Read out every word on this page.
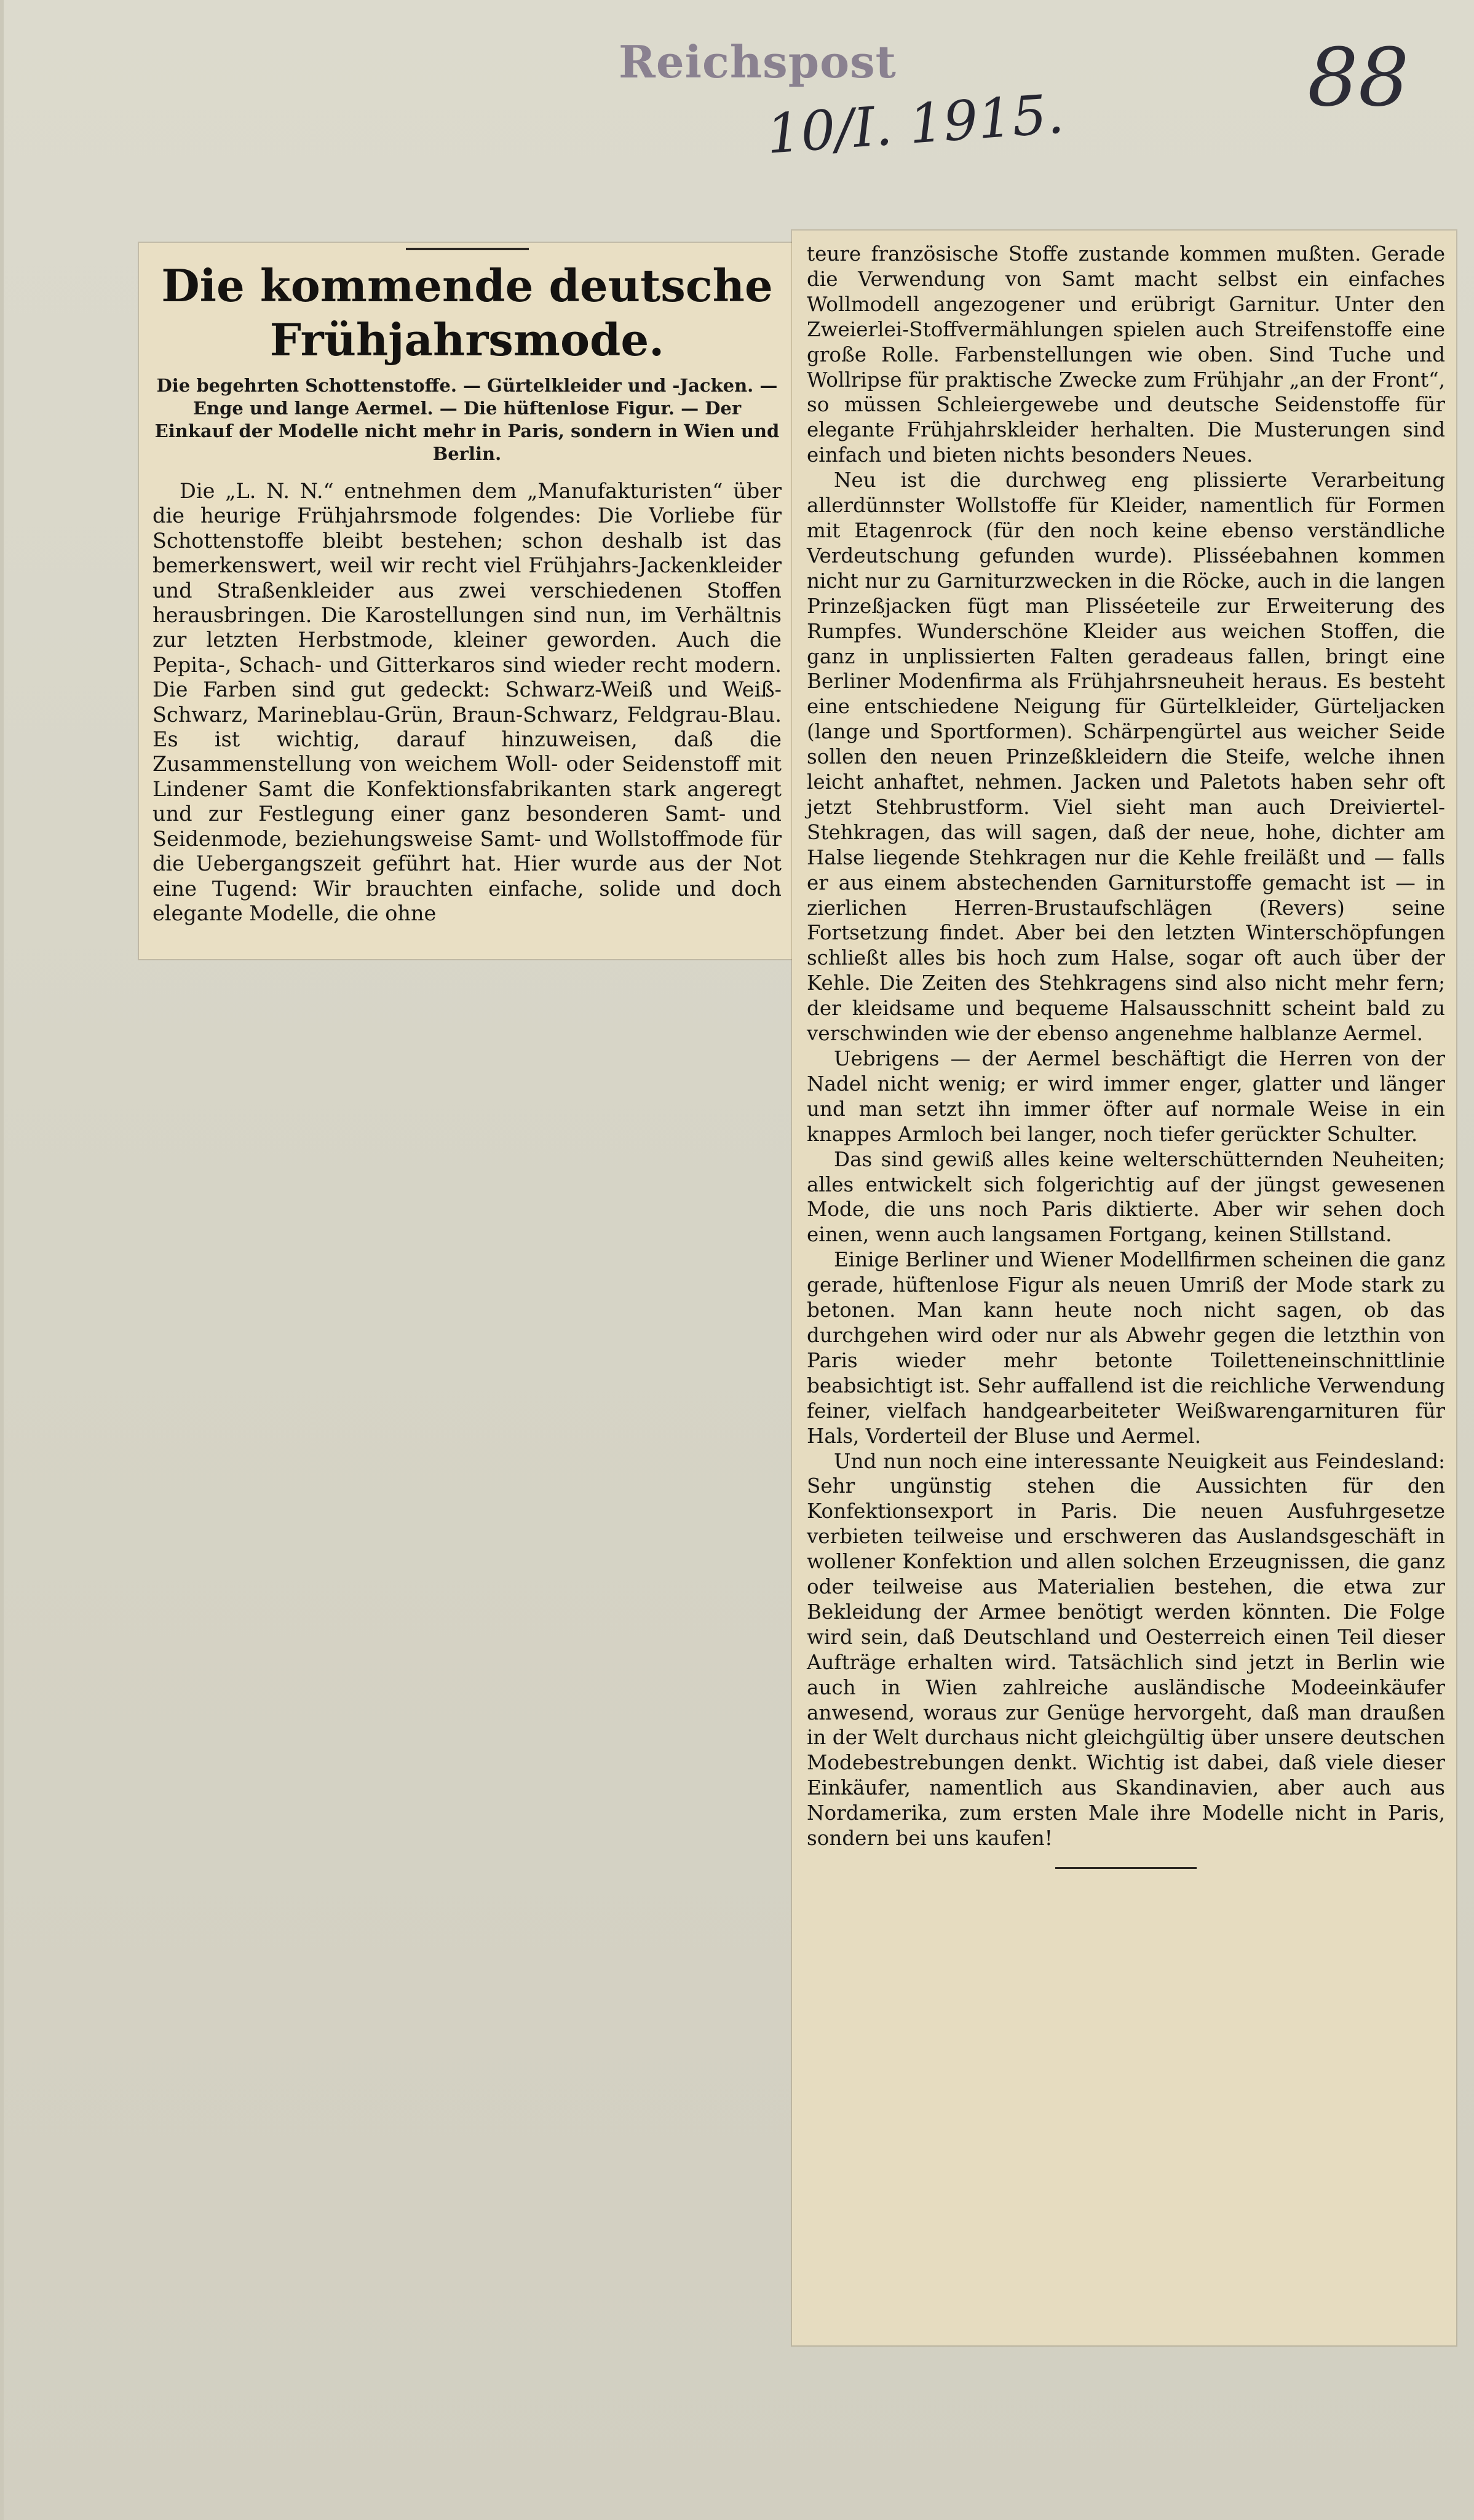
Reichspost
10/I. 1915.	88
Die kommende deutsche Frühjahrsmode.
Die begehrten Schottenstoffe. — Gürtelkleider und -Jacken. — Enge und lange Aermel. — Die hüftenlose Figur. — Der Einkauf der Modelle nicht mehr in Paris, sondern in Wien und Berlin.

Die „L. N. N.“ entnehmen dem „Manufakturisten“ über die heurige Frühjahrsmode folgendes: Die Vorliebe für Schottenstoffe bleibt bestehen; schon deshalb ist das bemerkenswert, weil wir recht viel Frühjahrs-Jackenkleider und Straßenkleider aus zwei verschiedenen Stoffen herausbringen. Die Karostellungen sind nun, im Verhältnis zur letzten Herbstmode, kleiner geworden. Auch die Pepita-, Schach- und Gitterkaros sind wieder recht modern. Die Farben sind gut gedeckt: Schwarz-Weiß und Weiß-Schwarz, Marineblau-Grün, Braun-Schwarz, Feldgrau-Blau. Es ist wichtig, darauf hinzuweisen, daß die Zusammenstellung von weichem Woll- oder Seidenstoff mit Lindener Samt die Konfektionsfabrikanten stark angeregt und zur Festlegung einer ganz besonderen Samt- und Seidenmode, beziehungsweise Samt- und Wollstoffmode für die Uebergangszeit geführt hat. Hier wurde aus der Not eine Tugend: Wir brauchten einfache, solide und doch elegante Modelle, die ohne

teure französische Stoffe zustande kommen mußten. Gerade die Verwendung von Samt macht selbst ein einfaches Wollmodell angezogener und erübrigt Garnitur. Unter den Zweierlei-Stoffvermählungen spielen auch Streifenstoffe eine große Rolle. Farbenstellungen wie oben. Sind Tuche und Wollripse für praktische Zwecke zum Frühjahr „an der Front“, so müssen Schleiergewebe und deutsche Seidenstoffe für elegante Frühjahrskleider herhalten. Die Musterungen sind einfach und bieten nichts besonders Neues.

Neu ist die durchweg eng plissierte Verarbeitung allerdünnster Wollstoffe für Kleider, namentlich für Formen mit Etagenrock (für den noch keine ebenso verständliche Verdeutschung gefunden wurde). Plisséebahnen kommen nicht nur zu Garniturzwecken in die Röcke, auch in die langen Prinzeßjacken fügt man Plisséeteile zur Erweiterung des Rumpfes. Wunderschöne Kleider aus weichen Stoffen, die ganz in unplissierten Falten geradeaus fallen, bringt eine Berliner Modenfirma als Frühjahrsneuheit heraus. Es besteht eine entschiedene Neigung für Gürtelkleider, Gürteljacken (lange und Sportformen). Schärpengürtel aus weicher Seide sollen den neuen Prinzeßkleidern die Steife, welche ihnen leicht anhaftet, nehmen. Jacken und Paletots haben sehr oft jetzt Stehbrustform. Viel sieht man auch Dreiviertel-Stehkragen, das will sagen, daß der neue, hohe, dichter am Halse liegende Stehkragen nur die Kehle freiläßt und — falls er aus einem abstechenden Garniturstoffe gemacht ist — in zierlichen Herren-Brustaufschlägen (Revers) seine Fortsetzung findet. Aber bei den letzten Winterschöpfungen schließt alles bis hoch zum Halse, sogar oft auch über der Kehle. Die Zeiten des Stehkragens sind also nicht mehr fern; der kleidsame und bequeme Halsausschnitt scheint bald zu verschwinden wie der ebenso angenehme halblanze Aermel.

Uebrigens — der Aermel beschäftigt die Herren von der Nadel nicht wenig; er wird immer enger, glatter und länger und man setzt ihn immer öfter auf normale Weise in ein knappes Armloch bei langer, noch tiefer gerückter Schulter.

Das sind gewiß alles keine welterschütternden Neuheiten; alles entwickelt sich folgerichtig auf der jüngst gewesenen Mode, die uns noch Paris diktierte. Aber wir sehen doch einen, wenn auch langsamen Fortgang, keinen Stillstand.

Einige Berliner und Wiener Modellfirmen scheinen die ganz gerade, hüftenlose Figur als neuen Umriß der Mode stark zu betonen. Man kann heute noch nicht sagen, ob das durchgehen wird oder nur als Abwehr gegen die letzthin von Paris wieder mehr betonte Toiletteneinschnittlinie beabsichtigt ist. Sehr auffallend ist die reichliche Verwendung feiner, vielfach handgearbeiteter Weißwarengarnituren für Hals, Vorderteil der Bluse und Aermel.

Und nun noch eine interessante Neuigkeit aus Feindesland: Sehr ungünstig stehen die Aussichten für den Konfektionsexport in Paris. Die neuen Ausfuhrgesetze verbieten teilweise und erschweren das Auslandsgeschäft in wollener Konfektion und allen solchen Erzeugnissen, die ganz oder teilweise aus Materialien bestehen, die etwa zur Bekleidung der Armee benötigt werden könnten. Die Folge wird sein, daß Deutschland und Oesterreich einen Teil dieser Aufträge erhalten wird. Tatsächlich sind jetzt in Berlin wie auch in Wien zahlreiche ausländische Modeeinkäufer anwesend, woraus zur Genüge hervorgeht, daß man draußen in der Welt durchaus nicht gleichgültig über unsere deutschen Modebestrebungen denkt. Wichtig ist dabei, daß viele dieser Einkäufer, namentlich aus Skandinavien, aber auch aus Nordamerika, zum ersten Male ihre Modelle nicht in Paris, sondern bei uns kaufen!
